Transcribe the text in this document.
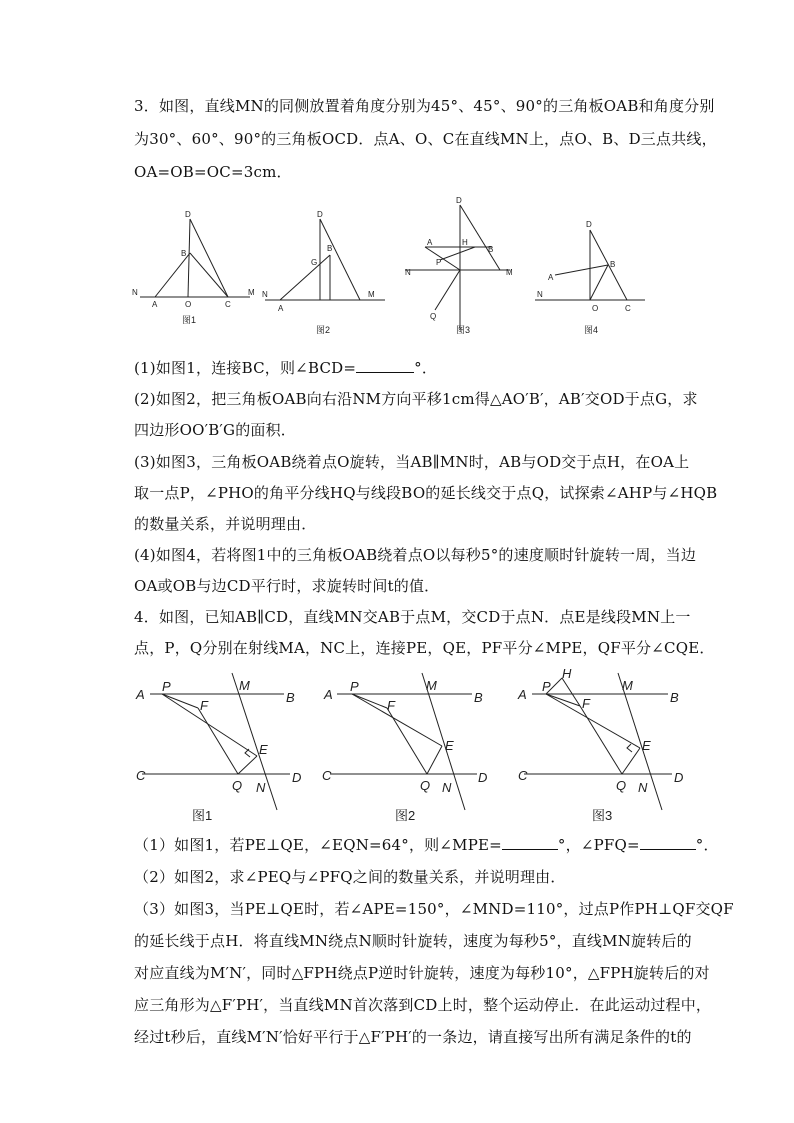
3．如图，直线MN的同侧放置着角度分别为45°、45°、90°的三角板OAB和角度分别
为30°、60°、90°的三角板OCD．点A、O、C在直线MN上，点O、B、D三点共线，
OA=OB=OC=3cm．
N
A	O	C
M
D
B
N
A
D
G
B
M
D
A	H
B
P
N	M
Q
D
A
B
N
O	C
图1
图2	图3	图4
(1)如图1，连接BC，则∠BCD=	°．
(2)如图2，把三角板OAB向右沿NM方向平移1cm得△AO′B′，AB′交OD于点G，求
四边形OO′B′G的面积．
(3)如图3，三角板OAB绕着点O旋转，当AB∥MN时，AB与OD交于点H，在OA上
取一点P，∠PHO的角平分线HQ与线段BO的延长线交于点Q，试探索∠AHP与∠HQB
的数量关系，并说明理由．
(4)如图4，若将图1中的三角板OAB绕着点O以每秒5°的速度顺时针旋转一周，当边
OA或OB与边CD平行时，求旋转时间t的值．
4．如图，已知AB∥CD，直线MN交AB于点M，交CD于点N．点E是线段MN上一
点，P，Q分别在射线MA，NC上，连接PE，QE，PF平分∠MPE，QF平分∠CQE．
A
P	M
B
F
E
C
Q N
D
A
P	M
B
F
E
C
Q N
D
A
P
H
M
B
F
E
C
Q N
D
图1	图2	图3
（1）如图1，若PE⊥QE，∠EQN=64°，则∠MPE=	°，∠PFQ=	°．
（2）如图2，求∠PEQ与∠PFQ之间的数量关系，并说明理由．
（3）如图3，当PE⊥QE时，若∠APE=150°，∠MND=110°，过点P作PH⊥QF交QF
的延长线于点H．将直线MN绕点N顺时针旋转，速度为每秒5°，直线MN旋转后的
对应直线为M′N′，同时△FPH绕点P逆时针旋转，速度为每秒10°，△FPH旋转后的对
应三角形为△F′PH′，当直线MN首次落到CD上时，整个运动停止．在此运动过程中，
经过t秒后，直线M′N′恰好平行于△F′PH′的一条边，请直接写出所有满足条件的t的
